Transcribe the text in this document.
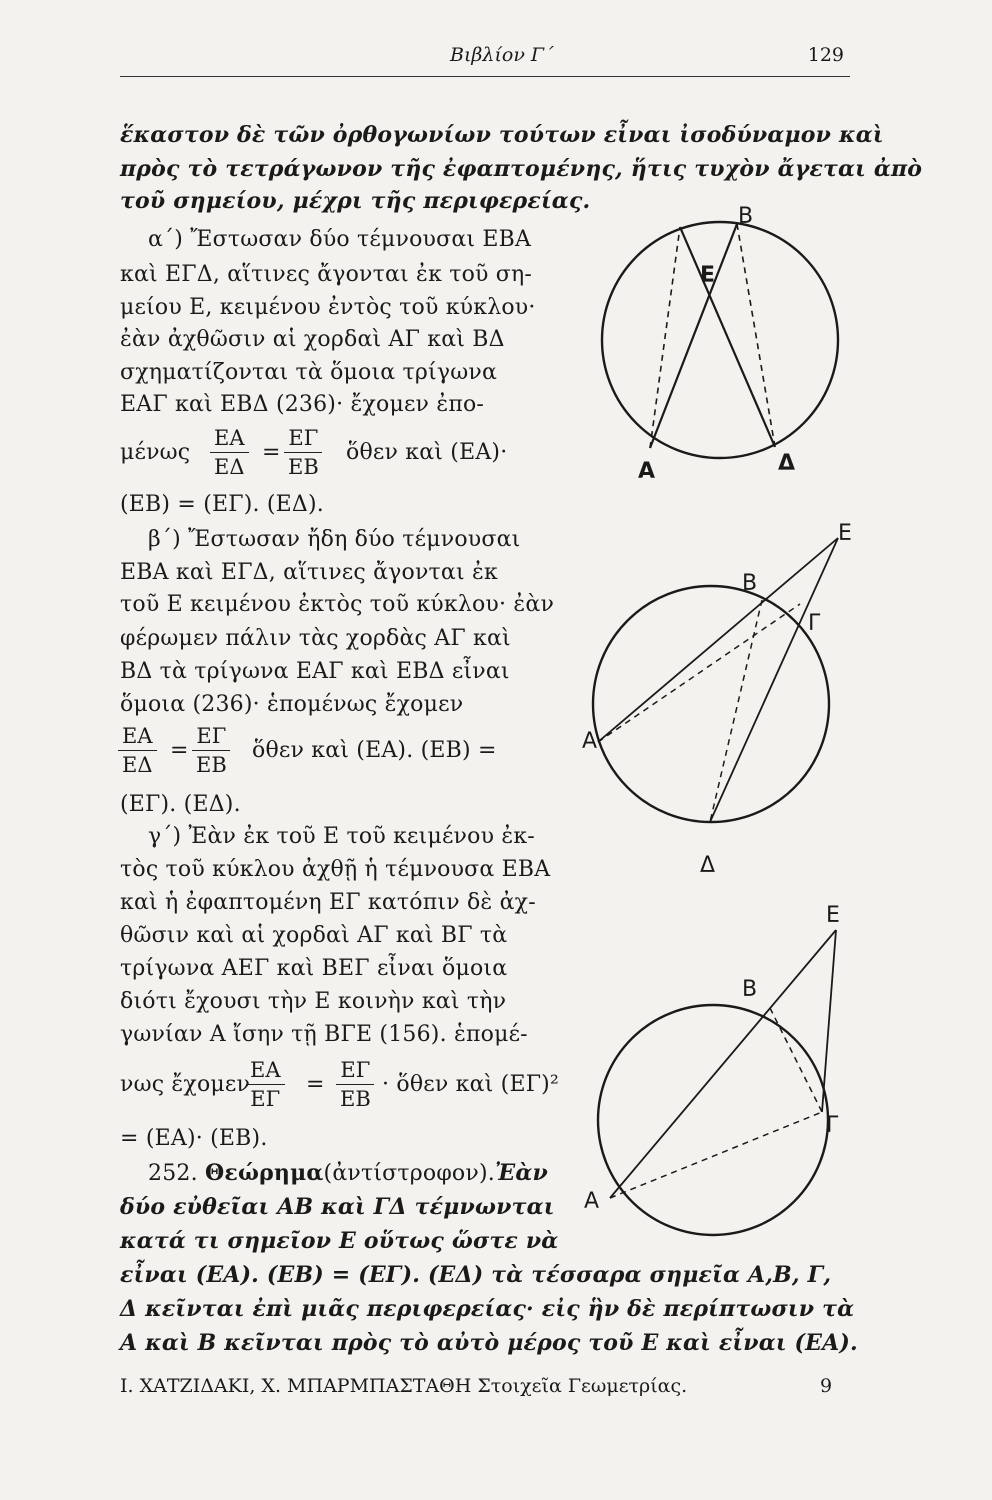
Βιβλίον Γ΄	129
ἕκαστον δὲ τῶν ὀρθογωνίων τούτων εἶναι ἰσοδύναμον καὶ
πρὸς τὸ τετράγωνον τῆς ἐφαπτομένης, ἥτις τυχὸν ἄγεται ἀπὸ
τοῦ σημείου, μέχρι τῆς περιφερείας.
α΄) Ἔστωσαν δύο τέμνουσαι ΕΒΑ
καὶ ΕΓΔ, αἵτινες ἄγονται ἐκ τοῦ ση-
μείου Ε, κειμένου ἐντὸς τοῦ κύκλου·
ἐὰν ἀχθῶσιν αἱ χορδαὶ ΑΓ καὶ ΒΔ
σχηματίζονται τὰ ὅμοια τρίγωνα
ΕΑΓ καὶ ΕΒΔ (236)· ἔχομεν ἐπο-
μένως $\frac{EA}{E\Delta} = \frac{E\Gamma}{EB}$ ὅθεν καὶ (ΕΑ)·
(ΕΒ) = (ΕΓ). (ΕΔ).
β΄) Ἔστωσαν ἤδη δύο τέμνουσαι
ΕΒΑ καὶ ΕΓΔ, αἵτινες ἄγονται ἐκ
τοῦ Ε κειμένου ἐκτὸς τοῦ κύκλου· ἐὰν
φέρωμεν πάλιν τὰς χορδὰς ΑΓ καὶ
ΒΔ τὰ τρίγωνα ΕΑΓ καὶ ΕΒΔ εἶναι
ὅμοια (236)· ἑπομένως ἔχομεν
$\frac{EA}{E\Delta} = \frac{E\Gamma}{EB}$ ὅθεν καὶ (ΕΑ). (ΕΒ) =
(ΕΓ). (ΕΔ).
γ΄) Ἐὰν ἐκ τοῦ Ε τοῦ κειμένου ἐκ-
τὸς τοῦ κύκλου ἀχθῇ ἡ τέμνουσα ΕΒΑ
καὶ ἡ ἐφαπτομένη ΕΓ κατόπιν δὲ ἀχ-
θῶσιν καὶ αἱ χορδαὶ ΑΓ καὶ ΒΓ τὰ
τρίγωνα ΑΕΓ καὶ ΒΕΓ εἶναι ὅμοια
διότι ἔχουσι τὴν Ε κοινὴν καὶ τὴν
γωνίαν Α ἴσην τῇ ΒΓΕ (156). ἑπομέ-
νως ἔχομεν
$\frac{EA}{E\Gamma} = \frac{E\Gamma}{EB}$ · ὅθεν καὶ (ΕΓ)²
= (ΕΑ)· (ΕΒ).
252. Θεώρημα(ἀντίστροφον).Ἐὰν
δύο εὐθεῖαι ΑΒ καὶ ΓΔ τέμνωνται
κατά τι σημεῖον Ε οὕτως ὥστε νὰ
εἶναι (ΕΑ). (ΕΒ) = (ΕΓ). (ΕΔ) τὰ τέσσαρα σημεῖα Α,Β, Γ,
Δ κεῖνται ἐπὶ μιᾶς περιφερείας· εἰς ἣν δὲ περίπτωσιν τὰ
Α καὶ Β κεῖνται πρὸς τὸ αὐτὸ μέρος τοῦ Ε καὶ εἶναι (ΕΑ).
Ι. ΧΑΤΖΙΔΑΚΙ, Χ. ΜΠΑΡΜΠΑΣΤΑΘΗ Στοιχεῖα Γεωμετρίας.	9
Β
Ε
Α	Δ
Ε
Β
Γ
Α
Δ
Ε
Β
Γ
Α
